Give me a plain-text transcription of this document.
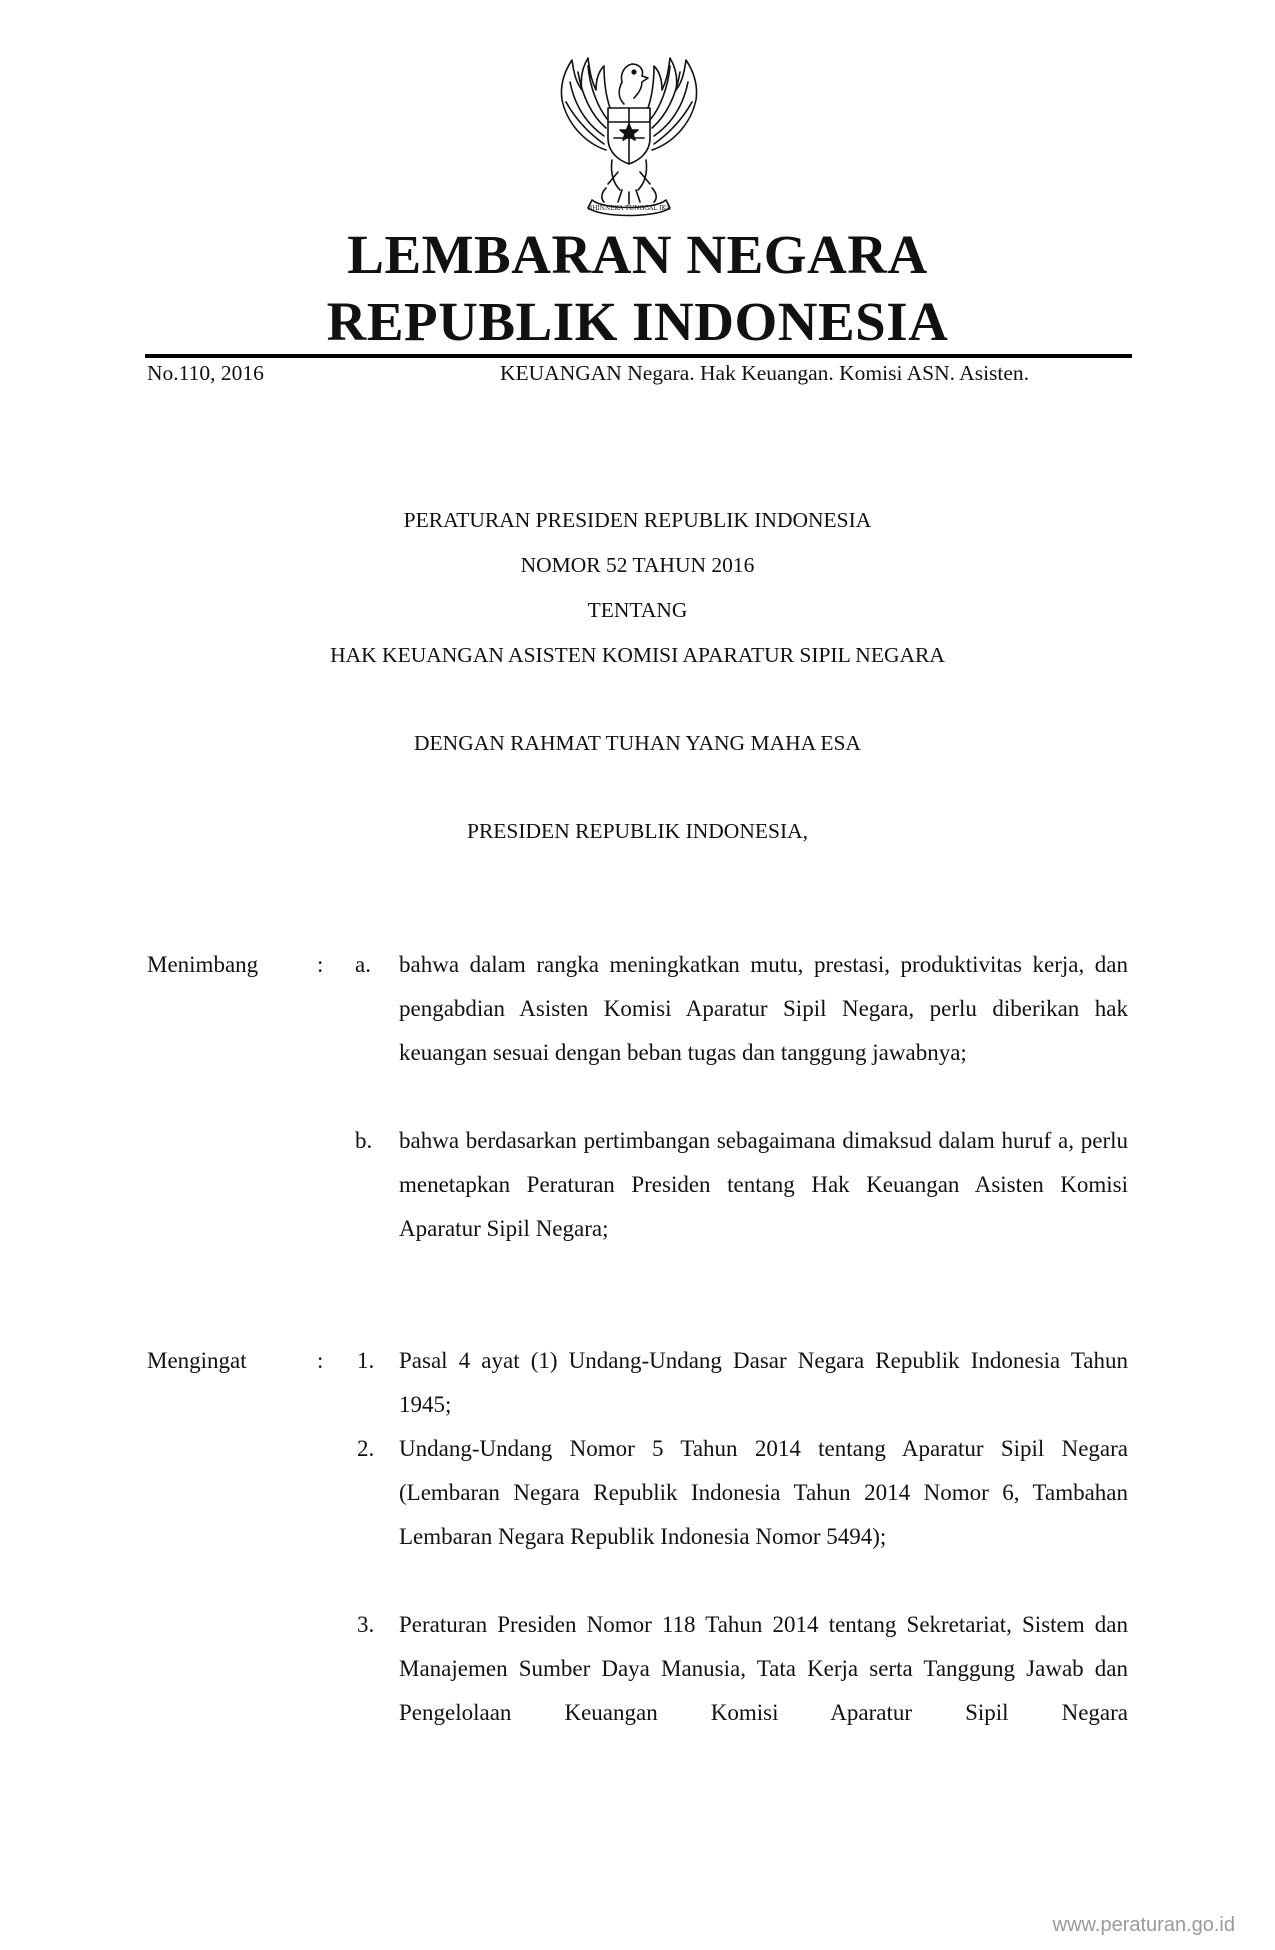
BHINNEKA TUNGGAL IKA
LEMBARAN NEGARA
REPUBLIK INDONESIA
No.110, 2016	KEUANGAN Negara. Hak Keuangan. Komisi ASN. Asisten.
PERATURAN PRESIDEN REPUBLIK INDONESIA
NOMOR 52 TAHUN 2016
TENTANG
HAK KEUANGAN ASISTEN KOMISI APARATUR SIPIL NEGARA
DENGAN RAHMAT TUHAN YANG MAHA ESA
PRESIDEN REPUBLIK INDONESIA,
Menimbang	: a. bahwa dalam rangka meningkatkan mutu, prestasi, produktivitas kerja, dan pengabdian Asisten Komisi Aparatur Sipil Negara, perlu diberikan hak keuangan sesuai dengan beban tugas dan tanggung jawabnya;

b. bahwa berdasarkan pertimbangan sebagaimana dimaksud dalam huruf a, perlu menetapkan Peraturan Presiden tentang Hak Keuangan Asisten Komisi Aparatur Sipil Negara;

Mengingat	: 1. Pasal 4 ayat (1) Undang-Undang Dasar Negara Republik Indonesia Tahun 1945;

2. Undang-Undang Nomor 5 Tahun 2014 tentang Aparatur Sipil Negara (Lembaran Negara Republik Indonesia Tahun 2014 Nomor 6, Tambahan Lembaran Negara Republik Indonesia Nomor 5494);

3. Peraturan Presiden Nomor 118 Tahun 2014 tentang Sekretariat, Sistem dan Manajemen Sumber Daya Manusia, Tata Kerja serta Tanggung Jawab dan Pengelolaan Keuangan Komisi Aparatur Sipil Negara

www.peraturan.go.id
